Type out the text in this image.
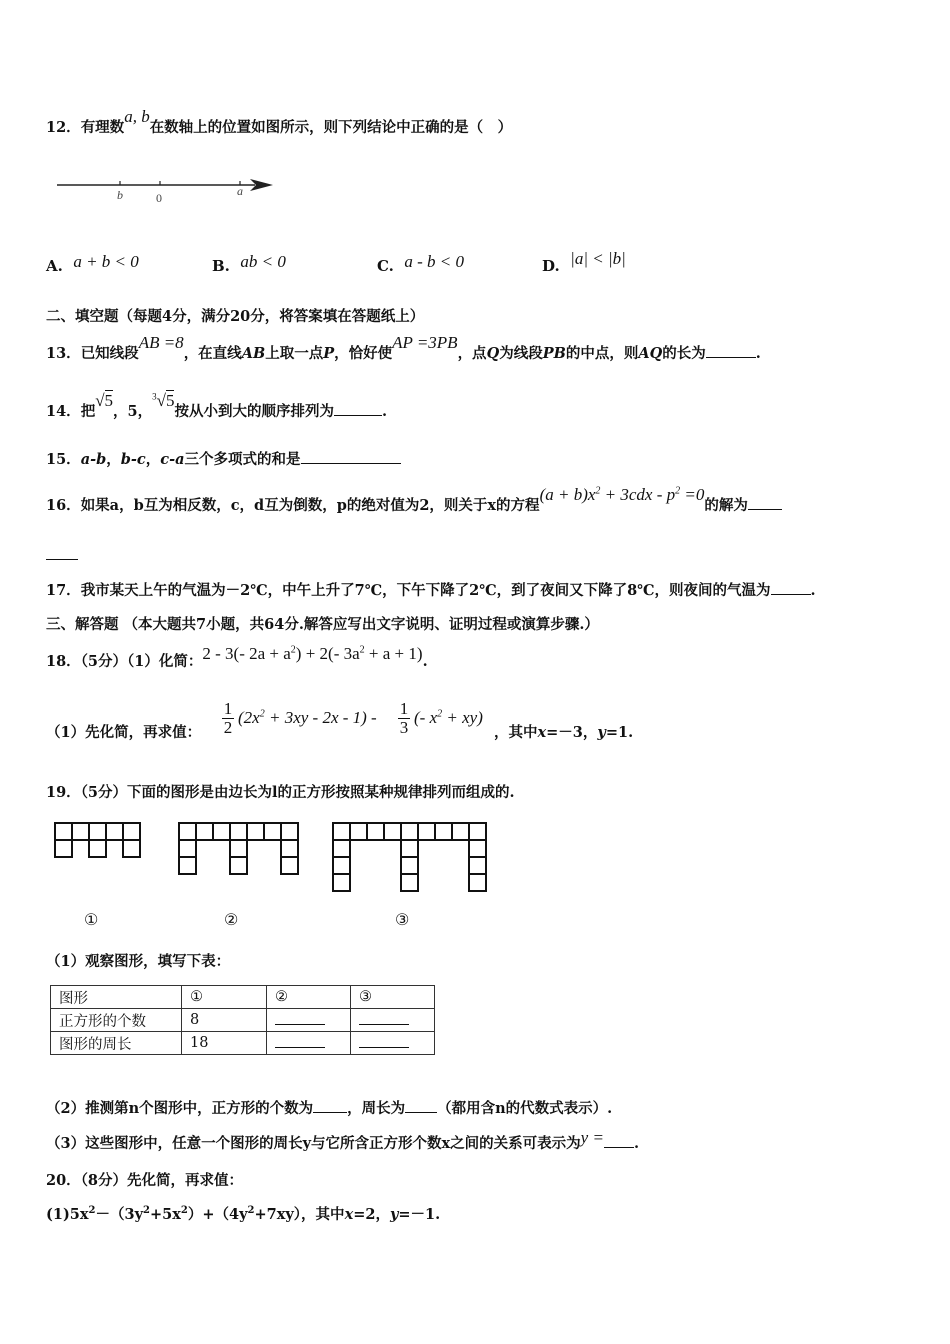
12．有理数a, b在数轴上的位置如图所示，则下列结论中正确的是（　）
b	0	a
A. a + b < 0	B. ab < 0	C. a - b < 0	D. |a| < |b|
二、填空题（每题4分，满分20分，将答案填在答题纸上）
13．已知线段AB =8，在直线AB上取一点P，恰好使AP =3PB，点Q为线段PB的中点，则AQ的长为	.
14．把√5，5，$^3$√5按从小到大的顺序排列为	.
15．a-b，b-c，c-a三个多项式的和是
16．如果a，b互为相反数，c，d互为倒数，p的绝对值为2，则关于x的方程$(a + b)x^2 + 3cdx - p^2 =0$的解为
17．我市某天上午的气温为－2℃，中午上升了7℃，下午下降了2℃，到了夜间又下降了8℃，则夜间的气温为	.
三、解答题 （本大题共7小题，共64分.解答应写出文字说明、证明过程或演算步骤.）
18．（5分）（1）化简：2 - 3(- $2a + a^2) + 2(-$ $3a^2 + a + 1$).
（1）先化简，再求值：
1
2
$(2x^2 + 3xy - 2x - 1) - 1$
3
(- $x^2 + xy$)
，其中x=－3，y=1.
19．（5分）下面的图形是由边长为l的正方形按照某种规律排列而组成的.
①	②	③
（1）观察图形，填写下表：
图形	①	②	③
正方形的个数	8		
图形的周长	18		
（2）推测第n个图形中，正方形的个数为 ，周长为 （都用含n的代数式表示）.
（3）这些图形中，任意一个图形的周长y与它所含正方形个数x之间的关系可表示为y = .
20．（8分）先化简，再求值：
$(1)5x^2-(3y^2+5x^2)+(4y^2+7xy)$，其中x=2，y=－1.
